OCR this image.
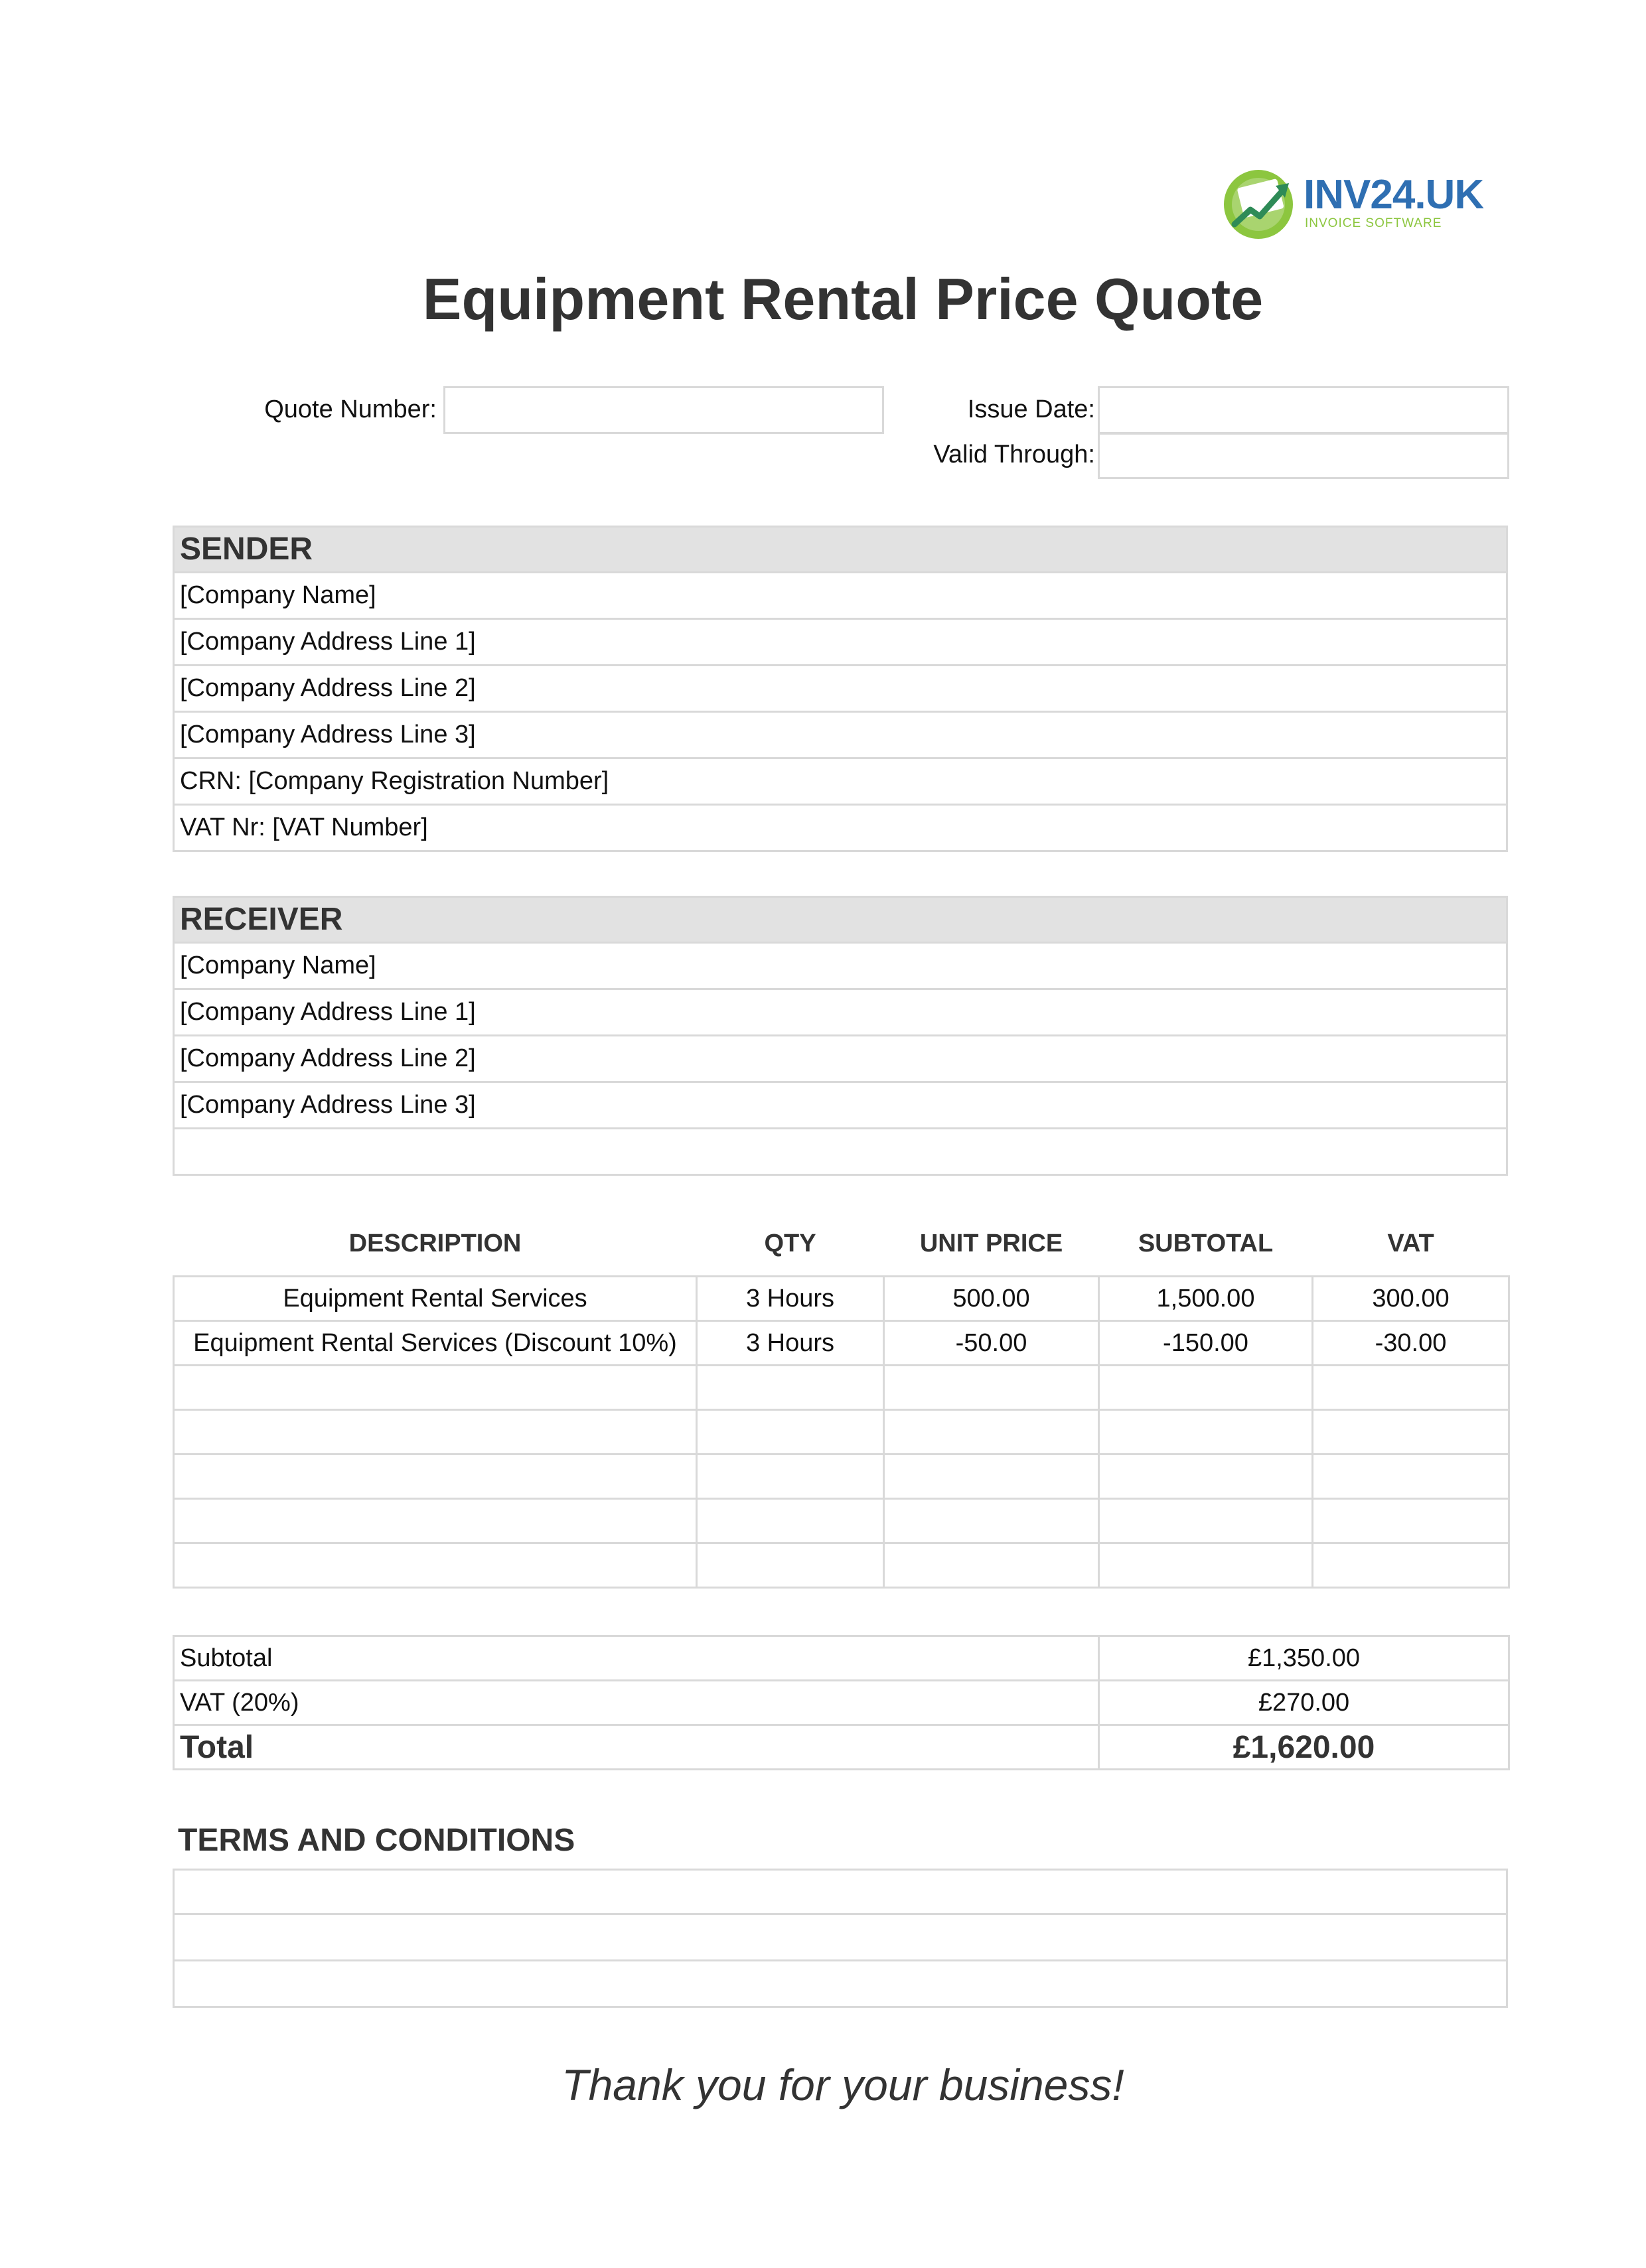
INV24.UK
INVOICE SOFTWARE
Equipment Rental Price Quote
Quote Number:	Issue Date:
Valid Through:
SENDER
[Company Name]
[Company Address Line 1]
[Company Address Line 2]
[Company Address Line 3]
CRN: [Company Registration Number]
VAT Nr: [VAT Number]
RECEIVER
[Company Name]
[Company Address Line 1]
[Company Address Line 2]
[Company Address Line 3]
DESCRIPTION	QTY	UNIT PRICE	SUBTOTAL	VAT
Equipment Rental Services	3 Hours	500.00	1,500.00	300.00
Equipment Rental Services (Discount 10%)	3 Hours	-50.00	-150.00	-30.00

Subtotal	£1,350.00
VAT (20%)	£270.00
Total	£1,620.00
TERMS AND CONDITIONS
Thank you for your business!
